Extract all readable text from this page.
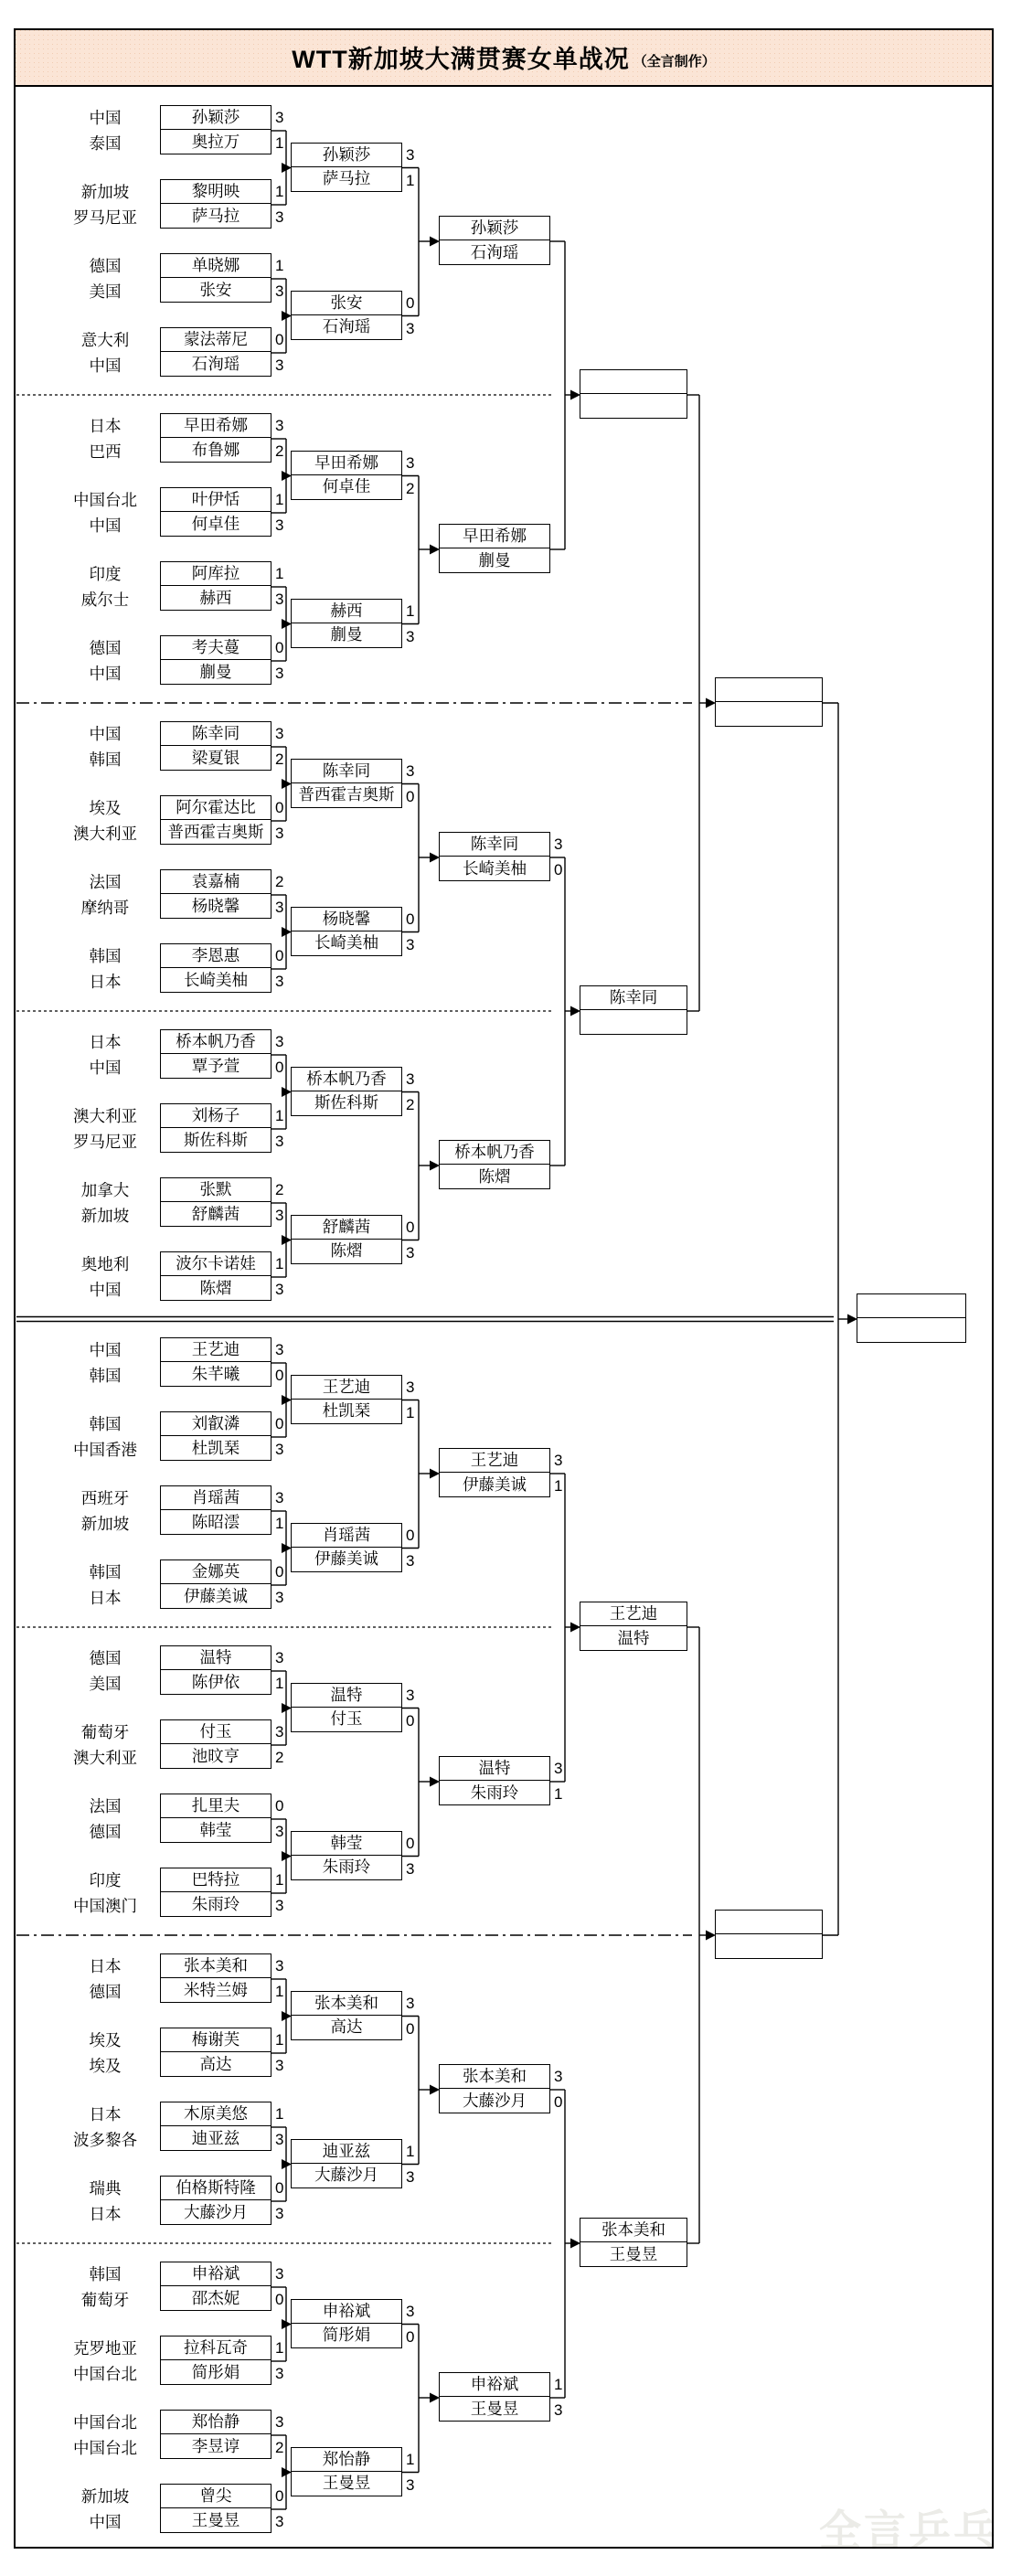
全言乒乓
WTT新加坡大满贯赛女单战况 （全言制作）
中国
泰国
孙颖莎
奥拉万
3
1
新加坡
罗马尼亚
黎明映
萨马拉
1
3
德国
美国
单晓娜
张安
1
3
意大利
中国
蒙法蒂尼
石洵瑶
0
3
日本
巴西
早田希娜
布鲁娜
3
2
中国台北
中国
叶伊恬
何卓佳
1
3
印度
威尔士
阿库拉
赫西
1
3
德国
中国
考夫蔓
蒯曼
0
3
中国
韩国
陈幸同
梁夏银
3
2
埃及
澳大利亚
阿尔霍达比
普西霍吉奥斯
0
3
法国
摩纳哥
袁嘉楠
杨晓馨
2
3
韩国
日本
李恩惠
长崎美柚
0
3
日本
中国
桥本帆乃香
覃予萱
3
0
澳大利亚
罗马尼亚
刘杨子
斯佐科斯
1
3
加拿大
新加坡
张默
舒麟茜
2
3
奥地利
中国
波尔卡诺娃
陈熠
1
3
中国
韩国
王艺迪
朱芊曦
3
0
韩国
中国香港
刘叡潾
杜凯琹
0
3
西班牙
新加坡
肖瑶茜
陈昭澐
3
1
韩国
日本
金娜英
伊藤美诚
0
3
德国
美国
温特
陈伊依
3
1
葡萄牙
澳大利亚
付玉
池旼亨
3
2
法国
德国
扎里夫
韩莹
0
3
印度
中国澳门
巴特拉
朱雨玲
1
3
日本
德国
张本美和
米特兰姆
3
1
埃及
埃及
梅谢芙
高达
1
3
日本
波多黎各
木原美悠
迪亚兹
1
3
瑞典
日本
伯格斯特隆
大藤沙月
0
3
韩国
葡萄牙
申裕斌
邵杰妮
3
0
克罗地亚
中国台北
拉科瓦奇
简彤娟
1
3
中国台北
中国台北
郑怡静
李昱谆
3
2
新加坡
中国
曾尖
王曼昱
0
3
孙颖莎
萨马拉
3
1
张安
石洵瑶
0
3
早田希娜
何卓佳
3
2
赫西
蒯曼
1
3
陈幸同
普西霍吉奥斯
3
0
杨晓馨
长崎美柚
0
3
桥本帆乃香
斯佐科斯
3
2
舒麟茜
陈熠
0
3
王艺迪
杜凯琹
3
1
肖瑶茜
伊藤美诚
0
3
温特
付玉
3
0
韩莹
朱雨玲
0
3
张本美和
高达
3
0
迪亚兹
大藤沙月
1
3
申裕斌
简彤娟
3
0
郑怡静
王曼昱
1
3
孙颖莎
石洵瑶
早田希娜
蒯曼
陈幸同
长崎美柚
3
0
桥本帆乃香
陈熠
王艺迪
伊藤美诚
3
1
温特
朱雨玲
3
1
张本美和
大藤沙月
3
0
申裕斌
王曼昱
1
3
陈幸同
王艺迪
温特
张本美和
王曼昱
